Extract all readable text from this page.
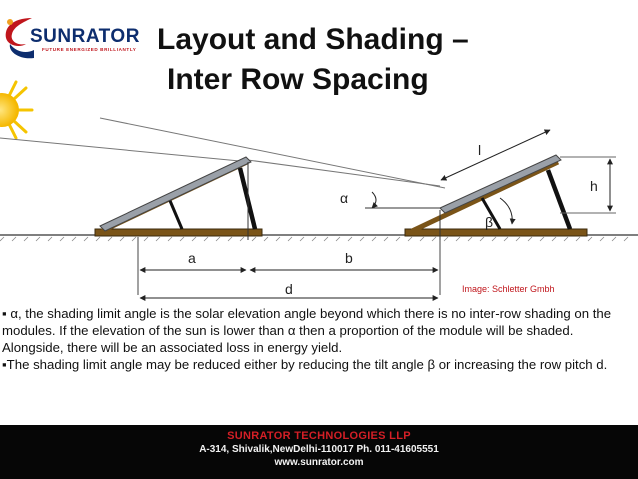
SUNRATOR
FUTURE ENERGIZED BRILLIANTLY Layout and Shading –
Inter Row Spacing
α
β
l
h
a	b
d	Image: Schletter Gmbh

▪ α, the shading limit angle is the solar elevation angle beyond which there is no inter-row shading on the modules. If the elevation of the sun is lower than α then a proportion of the module will be shaded. Alongside, there will be an associated loss in energy yield.

▪The shading limit angle may be reduced either by reducing the tilt angle β or increasing the row pitch d.

SUNRATOR TECHNOLOGIES LLP
A-314, Shivalik,NewDelhi-110017 Ph. 011-41605551
www.sunrator.com
